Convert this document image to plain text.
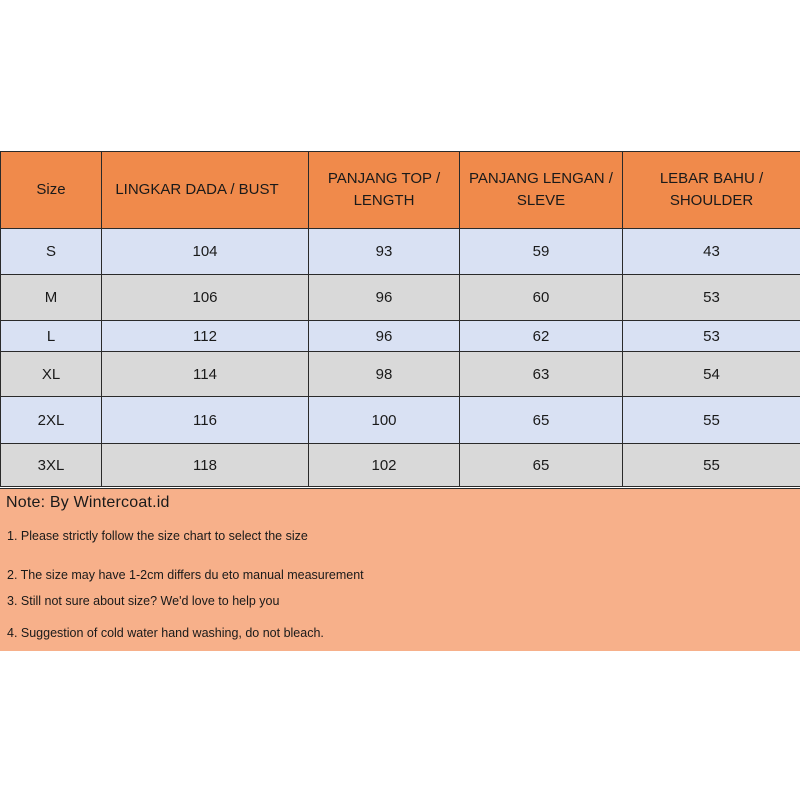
Size	LINGKAR DADA / BUST	PANJANG TOP / LENGTH	PANJANG LENGAN / SLEVE	LEBAR BAHU / SHOULDER
S	104	93	59	43
M	106	96	60	53
L	112	96	62	53
XL	114	98	63	54
2XL	116	100	65	55
3XL	118	102	65	55
Note: By Wintercoat.id
1. Please strictly follow the size chart to select the size
2. The size may have 1-2cm differs du eto manual measurement
3. Still not sure about size? We'd love to help you
4. Suggestion of cold water hand washing, do not bleach.
